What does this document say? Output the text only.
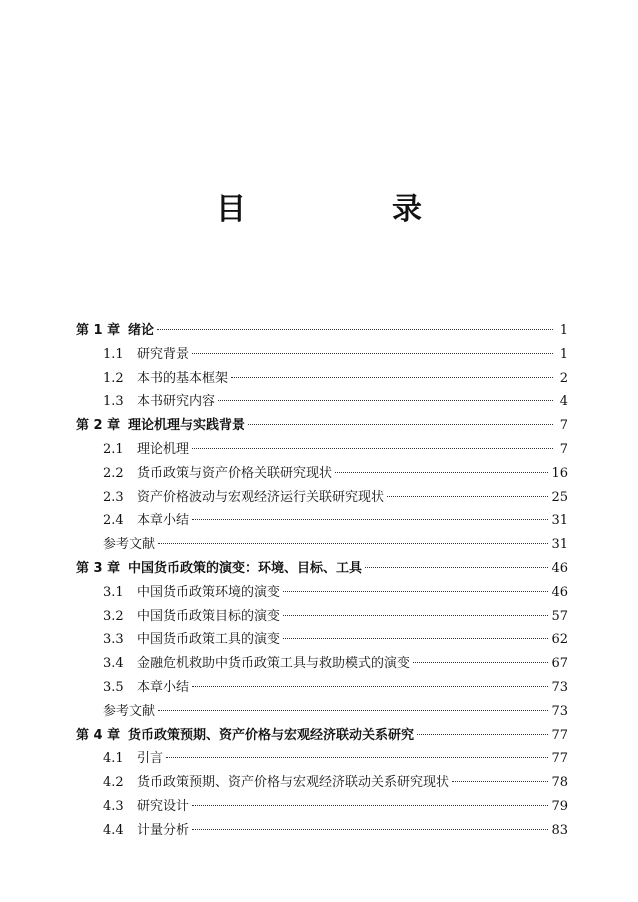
目　录
第 1 章 绪论	1
1.1	研究背景	1
1.2	本书的基本框架	2
1.3	本书研究内容	4
第 2 章 理论机理与实践背景	7
2.1	理论机理	7
2.2	货币政策与资产价格关联研究现状	16
2.3	资产价格波动与宏观经济运行关联研究现状	25
2.4	本章小结	31
参考文献	31
第 3 章 中国货币政策的演变：环境、目标、工具	46
3.1	中国货币政策环境的演变	46
3.2	中国货币政策目标的演变	57
3.3	中国货币政策工具的演变	62
3.4	金融危机救助中货币政策工具与救助模式的演变	67
3.5	本章小结	73
参考文献	73
第 4 章 货币政策预期、资产价格与宏观经济联动关系研究	77
4.1	引言	77
4.2	货币政策预期、资产价格与宏观经济联动关系研究现状	78
4.3	研究设计	79
4.4	计量分析	83
